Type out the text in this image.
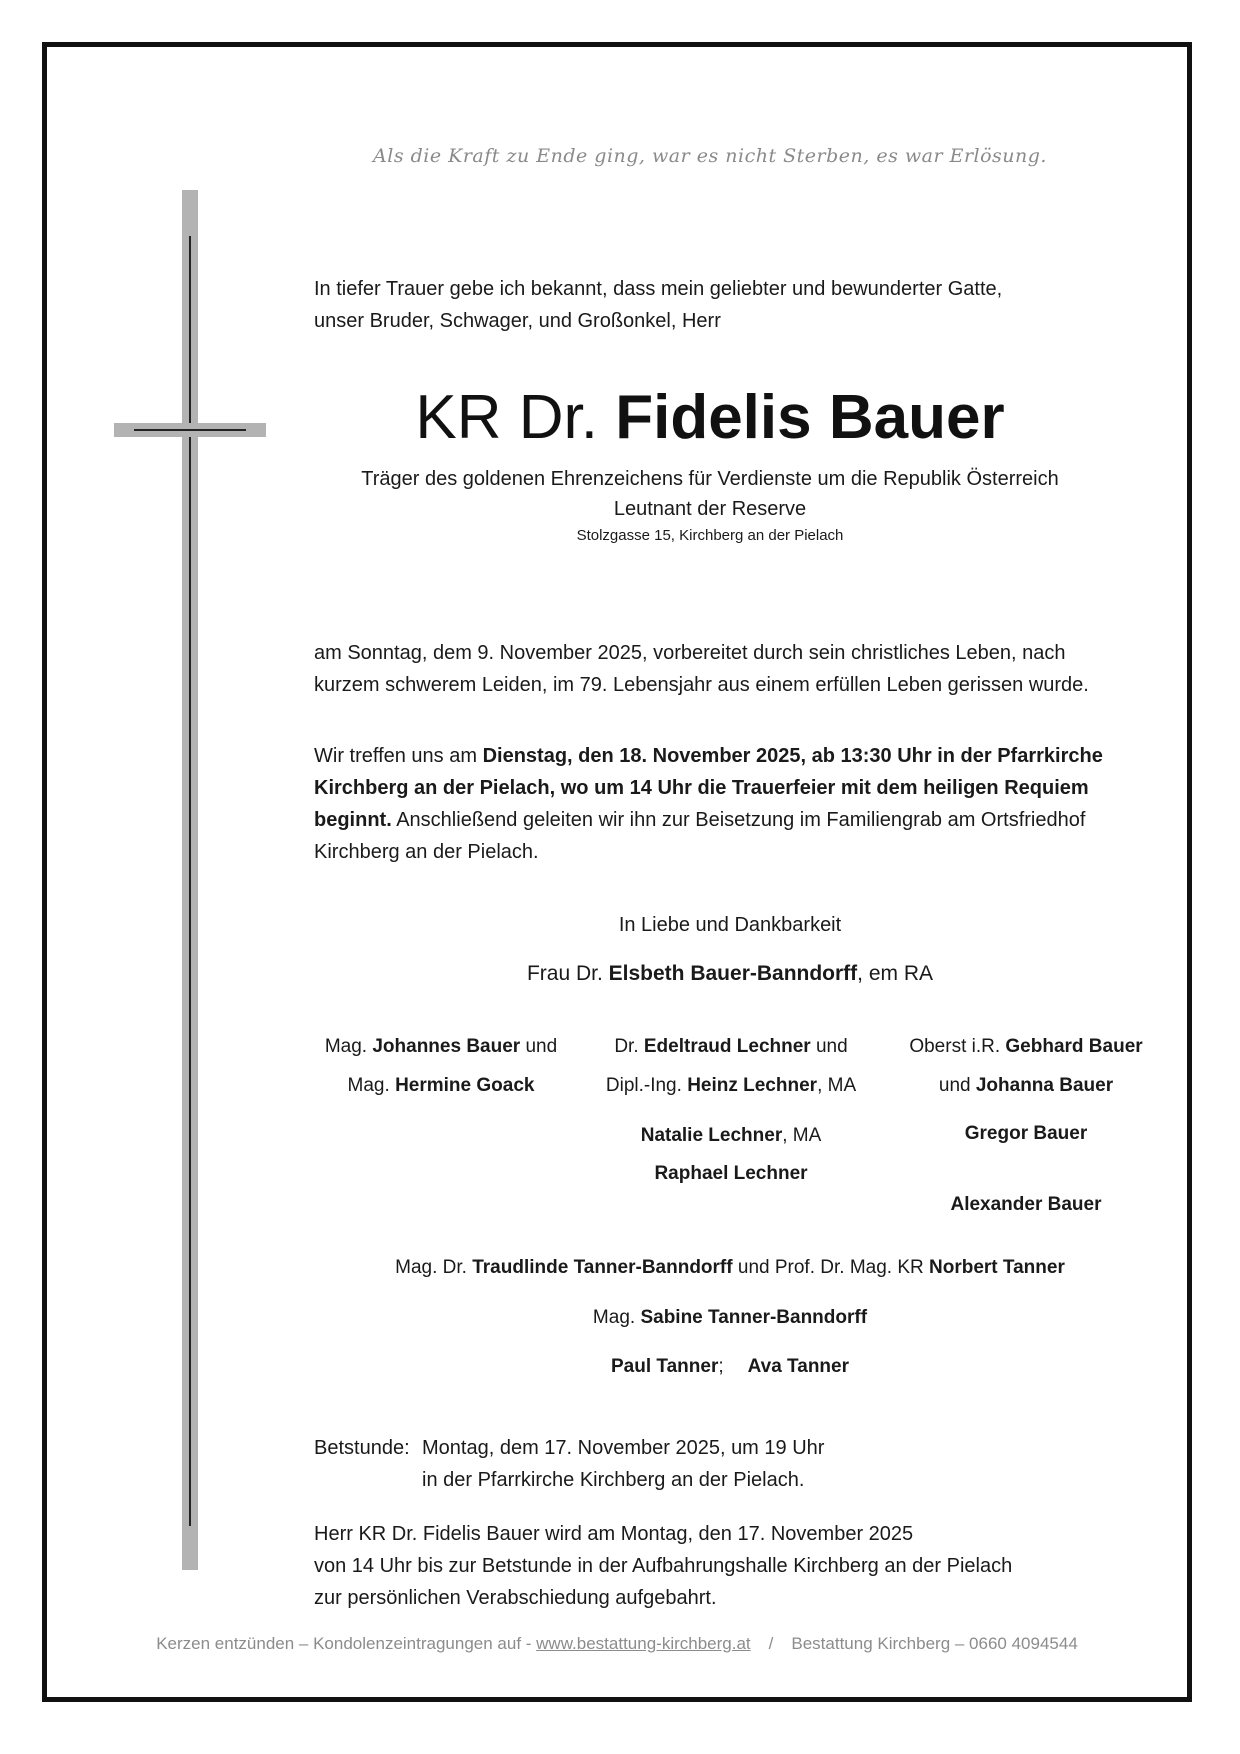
Als die Kraft zu Ende ging, war es nicht Sterben, es war Erlösung.

In tiefer Trauer gebe ich bekannt, dass mein geliebter und bewunderter Gatte,
unser Bruder, Schwager, und Großonkel, Herr
KR Dr. Fidelis Bauer
Träger des goldenen Ehrenzeichens für Verdienste um die Republik Österreich
Leutnant der Reserve
Stolzgasse 15, Kirchberg an der Pielach
am Sonntag, dem 9. November 2025, vorbereitet durch sein christliches Leben, nach
kurzem schwerem Leiden, im 79. Lebensjahr aus einem erfüllen Leben gerissen wurde.
Wir treffen uns am Dienstag, den 18. November 2025, ab 13:30 Uhr in der Pfarrkirche
Kirchberg an der Pielach, wo um 14 Uhr die Trauerfeier mit dem heiligen Requiem
beginnt. Anschließend geleiten wir ihn zur Beisetzung im Familiengrab am Ortsfriedhof
Kirchberg an der Pielach.
In Liebe und Dankbarkeit
Frau Dr. Elsbeth Bauer-Banndorff, em RA
Mag. Johannes Bauer und
Mag. Hermine Goack
Dr. Edeltraud Lechner und
Dipl.-Ing. Heinz Lechner, MA
Natalie Lechner, MA
Raphael Lechner
Oberst i.R. Gebhard Bauer
und Johanna Bauer
Gregor Bauer
Alexander Bauer
Mag. Dr. Traudlinde Tanner-Banndorff und Prof. Dr. Mag. KR Norbert Tanner
Mag. Sabine Tanner-Banndorff
Paul Tanner; Ava Tanner
Betstunde: Montag, dem 17. November 2025, um 19 Uhr
in der Pfarrkirche Kirchberg an der Pielach.
Herr KR Dr. Fidelis Bauer wird am Montag, den 17. November 2025
von 14 Uhr bis zur Betstunde in der Aufbahrungshalle Kirchberg an der Pielach
zur persönlichen Verabschiedung aufgebahrt.
Kerzen entzünden – Kondolenzeintragungen auf - www.bestattung-kirchberg.at / Bestattung Kirchberg – 0660 4094544
